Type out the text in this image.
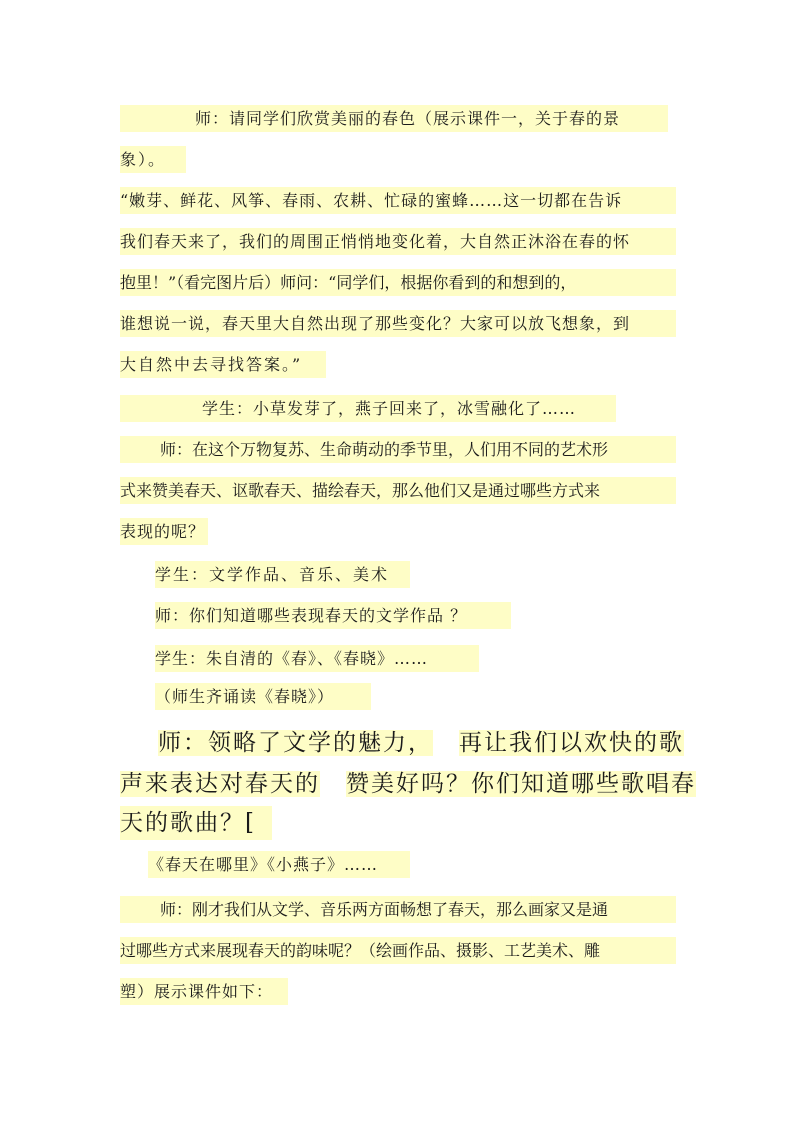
师：请同学们欣赏美丽的春色（展示课件一，关于春的景
象）。
“嫩芽、鲜花、风筝、春雨、农耕、忙碌的蜜蜂……这一切都在告诉
我们春天来了，我们的周围正悄悄地变化着，大自然正沐浴在春的怀
抱里！”（看完图片后）师问：“同学们，根据你看到的和想到的，
谁想说一说，春天里大自然出现了那些变化？大家可以放飞想象，到
大自然中去寻找答案。”
学生：小草发芽了，燕子回来了，冰雪融化了……
师：在这个万物复苏、生命萌动的季节里，人们用不同的艺术形
式来赞美春天、讴歌春天、描绘春天，那么他们又是通过哪些方式来
表现的呢？
学生：文学作品、音乐、美术
师：你们知道哪些表现春天的文学作品 ？
学生：朱自清的《春》、《春晓》……
（师生齐诵读《春晓》）
师：领略了文学的魅力， 再让我们以欢快的歌
声来表达对春天的 赞美好吗？你们知道哪些歌唱春
天的歌曲？[
《春天在哪里》《小燕子》……
师：刚才我们从文学、音乐两方面畅想了春天，那么画家又是通
过哪些方式来展现春天的韵味呢？（绘画作品、摄影、工艺美术、雕
塑）展示课件如下：
